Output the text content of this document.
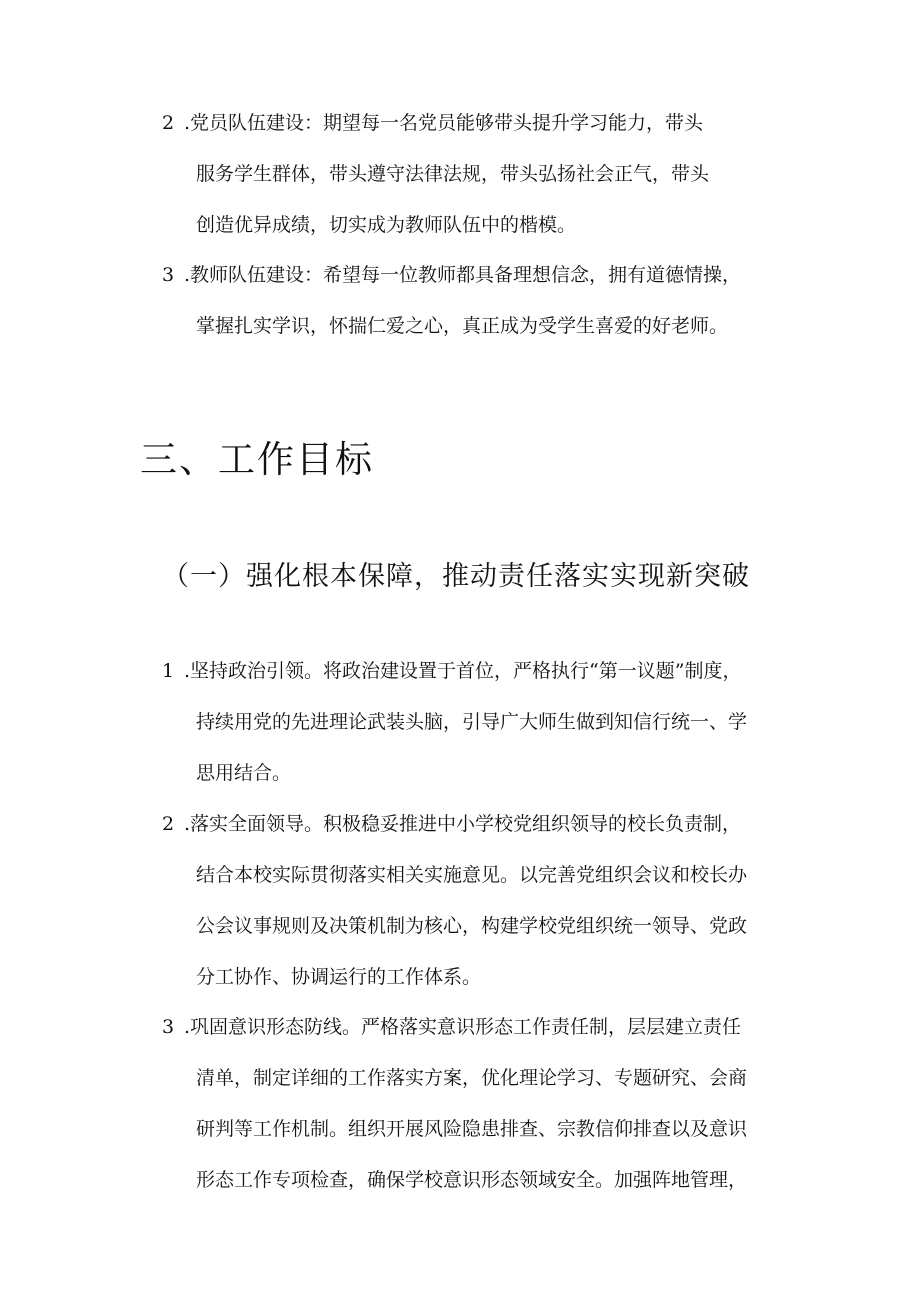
2 .党员队伍建设：期望每一名党员能够带头提升学习能力，带头
服务学生群体，带头遵守法律法规，带头弘扬社会正气，带头
创造优异成绩，切实成为教师队伍中的楷模。
3 .教师队伍建设：希望每一位教师都具备理想信念，拥有道德情操，
掌握扎实学识，怀揣仁爱之心，真正成为受学生喜爱的好老师。
三、工作目标
（一）强化根本保障，推动责任落实实现新突破
1 .坚持政治引领。将政治建设置于首位，严格执行“第一议题”制度，
持续用党的先进理论武装头脑，引导广大师生做到知信行统一、学
思用结合。
2 .落实全面领导。积极稳妥推进中小学校党组织领导的校长负责制，
结合本校实际贯彻落实相关实施意见。以完善党组织会议和校长办
公会议事规则及决策机制为核心，构建学校党组织统一领导、党政
分工协作、协调运行的工作体系。
3 .巩固意识形态防线。严格落实意识形态工作责任制，层层建立责任
清单，制定详细的工作落实方案，优化理论学习、专题研究、会商
研判等工作机制。组织开展风险隐患排查、宗教信仰排查以及意识
形态工作专项检查，确保学校意识形态领域安全。加强阵地管理，
